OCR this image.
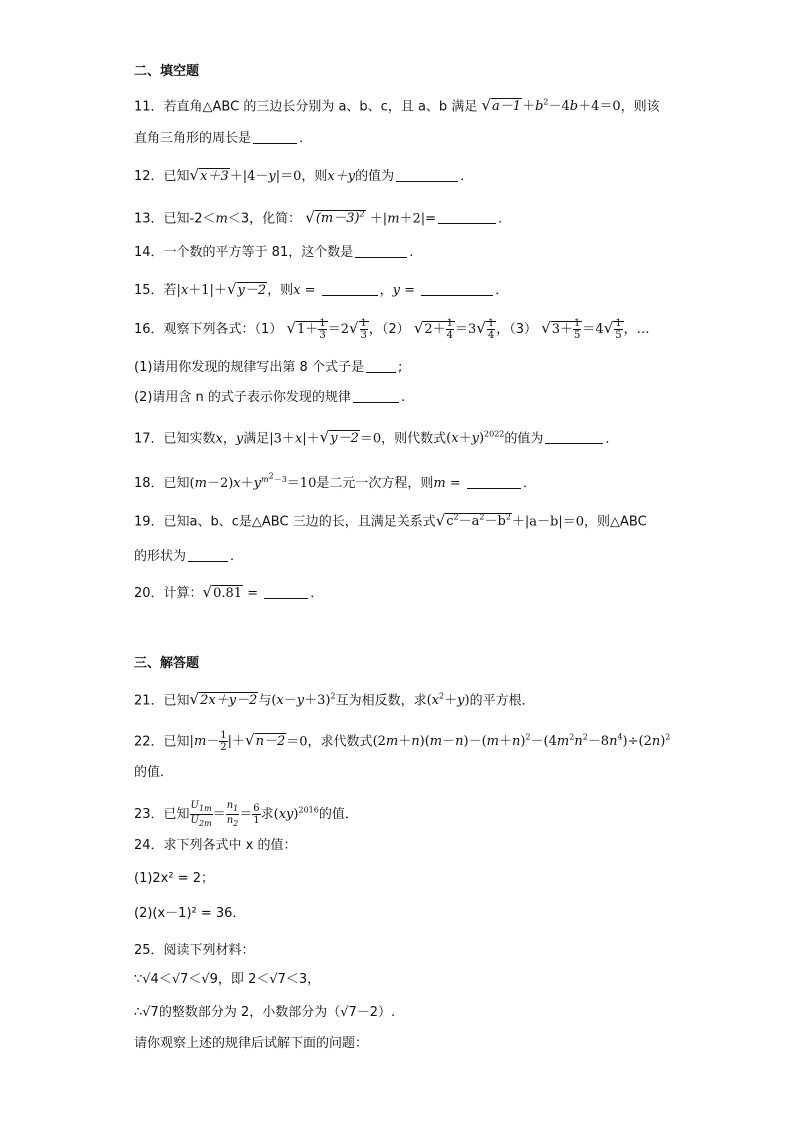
二、填空题
11．若直角△ABC 的三边长分别为 a、b、c，且 a、b 满足 $√a-1+b^2-4b+4=0$，则该
直角三角形的周长是	．
12．已知√x＋3＋|4－y|＝0，则x＋y的值为	．
13．已知-2＜m＜3，化简： $√(m-3)^2 +|m+2|=$	.
14．一个数的平方等于 81，这个数是	.
15．若|x＋1|＋√y－2，则x =	，y =	．
16．观察下列各式：（1） $√1+ \frac{1}{3} =2√ \frac{1}{3}$ ，（2） $√2+ \frac{1}{4} =3√ \frac{1}{4}$ ，（3） $√3+ \frac{1}{5} =4√ \frac{1}{5}$ ，…
(1)请用你发现的规律写出第 8 个式子是	;
(2)请用含 n 的式子表示你发现的规律	.
17．已知实数x，y满足|3＋x|＋√y－2＝0，则代数式$(x+y)^{2022}$的值为	．
18．已知$(m-2)x+y^{m^2-3}=10$是二元一次方程，则m =	．
19．已知a、b、c是△ABC 三边的长，且满足关系式$√c^2-a^2-b^2+|a-b|=0$，则△ABC
的形状为	．
20．计算：√0.81 =	．
三、解答题
21．已知√2x＋y－2与$(x-y+3)^2$互为相反数，求$(x^2+y)$的平方根．
22．已知$|m- \frac{1}{2} |+√n-2=0$，求代数式$(2m+n)(m-n)-(m+n)^2-(4m^2n^2-8n^4)\div(2n)^2$
的值．
23．已知 $\frac{U_{1m}}{U_{2m}} = \frac{n_1}{n_2} = \frac{6}{1}$ 求(xy)$^{2016}$的值．
24．求下列各式中 x 的值：
(1)2x² = 2；
(2)(x－1)² = 36．
25．阅读下列材料：
∵√4＜√7＜√9，即 2＜√7＜3，
∴√7的整数部分为 2，小数部分为（√7－2）.
请你观察上述的规律后试解下面的问题：
